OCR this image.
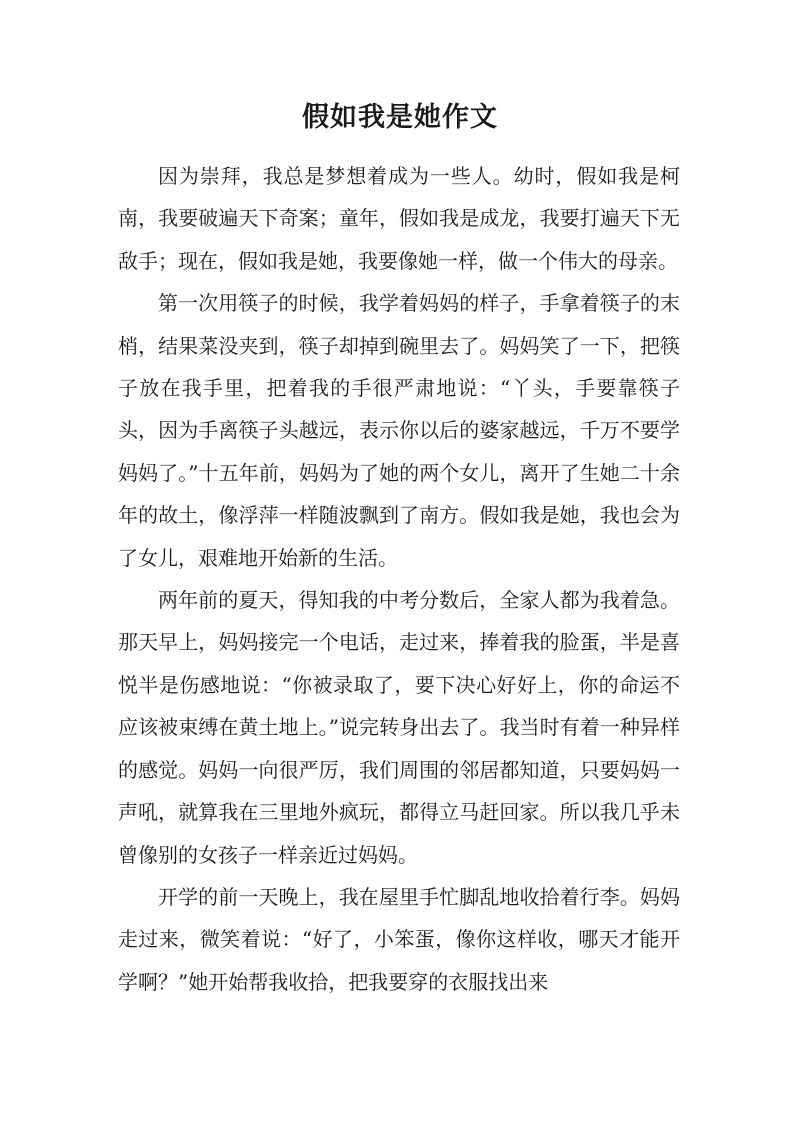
假如我是她作文

因为崇拜，我总是梦想着成为一些人。幼时，假如我是柯南，我要破遍天下奇案；童年，假如我是成龙，我要打遍天下无敌手；现在，假如我是她，我要像她一样，做一个伟大的母亲。

第一次用筷子的时候，我学着妈妈的样子，手拿着筷子的末梢，结果菜没夹到，筷子却掉到碗里去了。妈妈笑了一下，把筷子放在我手里，把着我的手很严肃地说：“丫头，手要靠筷子头，因为手离筷子头越远，表示你以后的婆家越远，千万不要学妈妈了。”十五年前，妈妈为了她的两个女儿，离开了生她二十余年的故土，像浮萍一样随波飘到了南方。假如我是她，我也会为了女儿，艰难地开始新的生活。

两年前的夏天，得知我的中考分数后，全家人都为我着急。那天早上，妈妈接完一个电话，走过来，捧着我的脸蛋，半是喜悦半是伤感地说：“你被录取了，要下决心好好上，你的命运不应该被束缚在黄土地上。”说完转身出去了。我当时有着一种异样的感觉。妈妈一向很严厉，我们周围的邻居都知道，只要妈妈一声吼，就算我在三里地外疯玩，都得立马赶回家。所以我几乎未曾像别的女孩子一样亲近过妈妈。

开学的前一天晚上，我在屋里手忙脚乱地收拾着行李。妈妈走过来，微笑着说：“好了，小笨蛋，像你这样收，哪天才能开学啊？”她开始帮我收拾，把我要穿的衣服找出来
